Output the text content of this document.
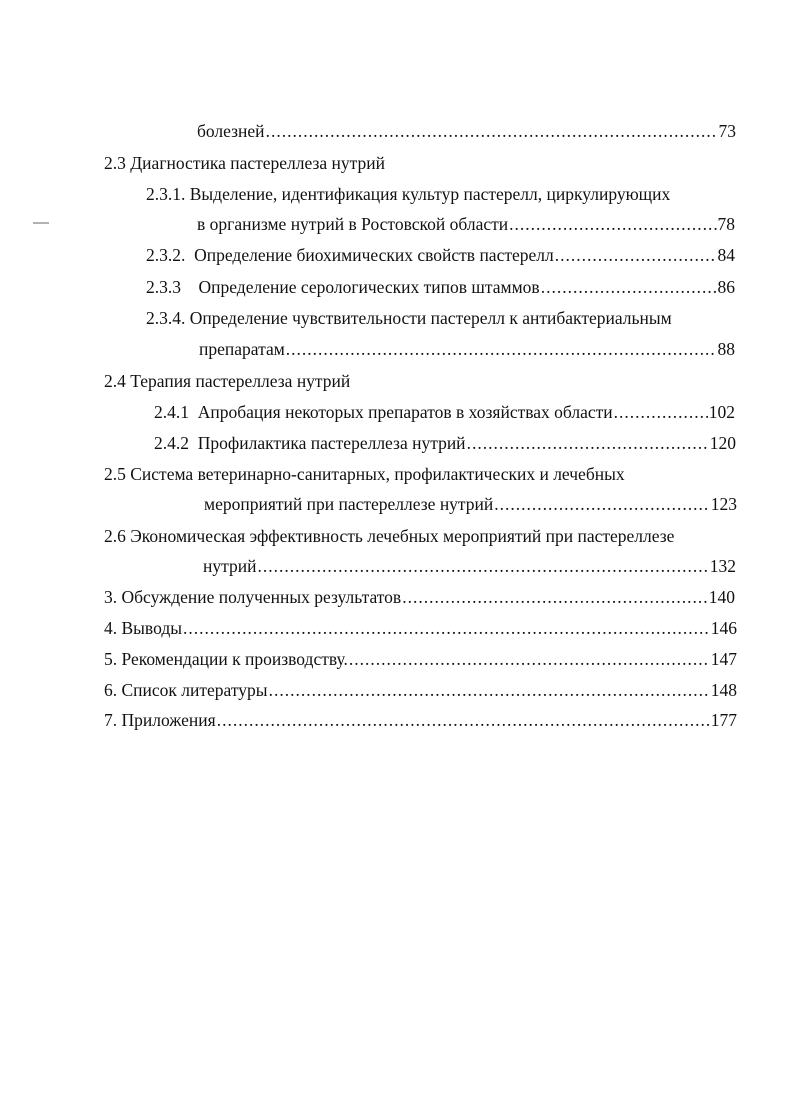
болезней .....	73
2.3 Диагностика пастереллеза нутрий
2.3.1. Выделение, идентификация культур пастерелл, циркулирующих
в организме нутрий в Ростовской области .....	78
2.3.2. Определение биохимических свойств пастерелл .....	84
2.3.3 Определение серологических типов штаммов .....	86
2.3.4. Определение чувствительности пастерелл к антибактериальным
препаратам .....	88
2.4 Терапия пастереллеза нутрий
2.4.1 Апробация некоторых препаратов в хозяйствах области .....	102
2.4.2 Профилактика пастереллеза нутрий .....	120
2.5 Система ветеринарно-санитарных, профилактических и лечебных
мероприятий при пастереллезе нутрий .....	123
2.6 Экономическая эффективность лечебных мероприятий при пастереллезе
нутрий .....	132
3. Обсуждение полученных результатов .....	140
4. Выводы .....	146
5. Рекомендации к производству. .....	147
6. Список литературы .....	148
7. Приложения .....	177
